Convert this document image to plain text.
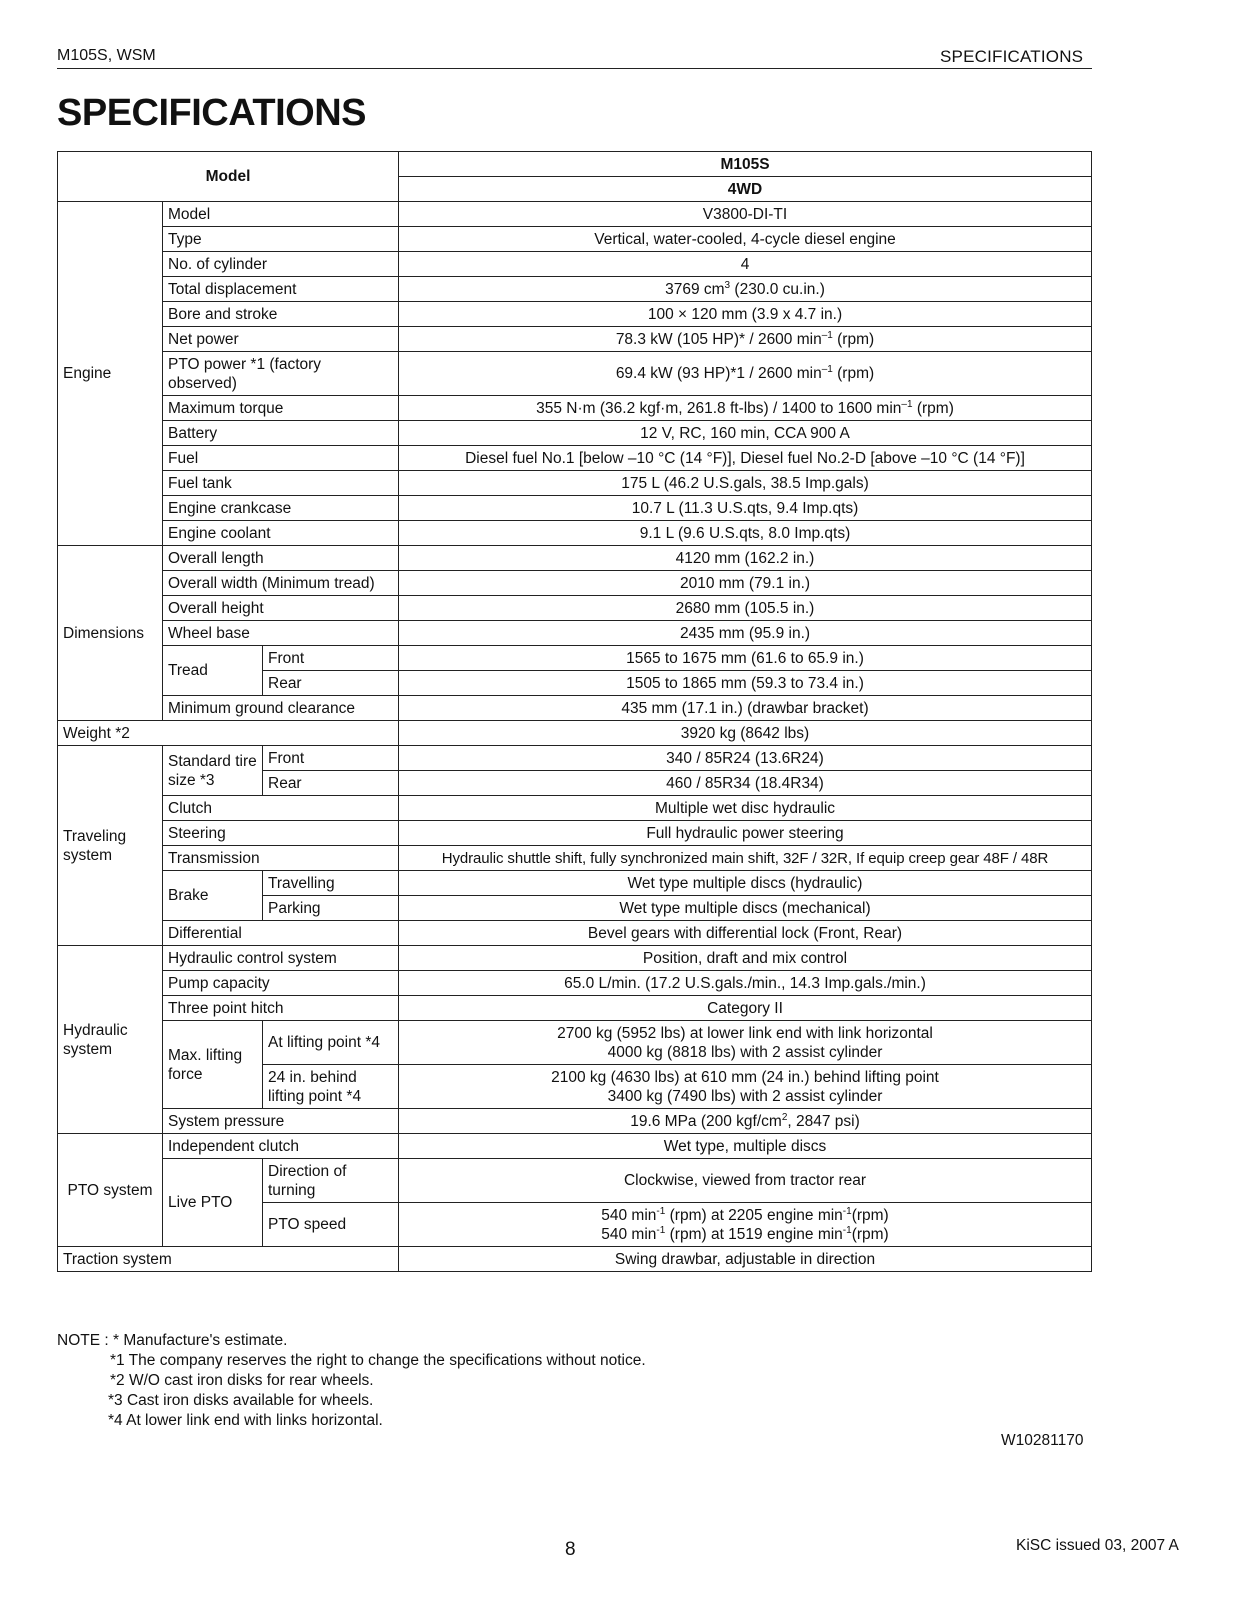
M105S, WSM	SPECIFICATIONS
SPECIFICATIONS
Model			M105S
			4WD
Engine	Model		V3800-DI-TI
	Type		Vertical, water-cooled, 4-cycle diesel engine
	No. of cylinder		4
	Total displacement		3769 $cm^3$ (230.0 cu.in.)
	Bore and stroke		100 × 120 mm (3.9 x 4.7 in.)
	Net power		78.3 kW (105 HP)* / 2600 $\min^{-1} (rpm)$
	PTO power *1 (factory observed)		69.4 kW (93 HP)*1 / 2600 $\min^{-1} (rpm)$
	Maximum torque		355 N·m (36.2 kgf·m, 261.8 ft-lbs) / 1400 to 1600 $\min^{-1} (rpm)$
	Battery		12 V, RC, 160 min, CCA 900 A
	Fuel		Diesel fuel No.1 [below –10 °C (14 °F)], Diesel fuel No.2-D [above –10 °C (14 °F)]
	Fuel tank		175 L (46.2 U.S.gals, 38.5 Imp.gals)
	Engine crankcase		10.7 L (11.3 U.S.qts, 9.4 Imp.qts)
	Engine coolant		9.1 L (9.6 U.S.qts, 8.0 Imp.qts)
Dimensions	Overall length		4120 mm (162.2 in.)
	Overall width (Minimum tread)		2010 mm (79.1 in.)
	Overall height		2680 mm (105.5 in.)
	Wheel base		2435 mm (95.9 in.)
	Tread	Front	1565 to 1675 mm (61.6 to 65.9 in.)
		Rear	1505 to 1865 mm (59.3 to 73.4 in.)
	Minimum ground clearance		435 mm (17.1 in.) (drawbar bracket)
Weight *2			3920 kg (8642 lbs)
Traveling system	Standard tire size *3	Front	340 / 85R24 (13.6R24)
		Rear	460 / 85R34 (18.4R34)
	Clutch		Multiple wet disc hydraulic
	Steering		Full hydraulic power steering
	Transmission		Hydraulic shuttle shift, fully synchronized main shift, 32F / 32R, If equip creep gear 48F / 48R
	Brake	Travelling	Wet type multiple discs (hydraulic)
		Parking	Wet type multiple discs (mechanical)
	Differential		Bevel gears with differential lock (Front, Rear)
Hydraulic system	Hydraulic control system		Position, draft and mix control
	Pump capacity		65.0 L/min. (17.2 U.S.gals./min., 14.3 Imp.gals./min.)
	Three point hitch		Category II
	Max. lifting force	At lifting point *4	2700 kg (5952 lbs) at lower link end with link horizontal
4000 kg (8818 lbs) with 2 assist cylinder

		24 in. behind lifting point *4	2100 kg (4630 lbs) at 610 mm (24 in.) behind lifting point
3400 kg (7490 lbs) with 2 assist cylinder

	System pressure		19.6 MPa (200 kgf/$cm^2$, 2847 psi)
PTO system	Independent clutch		Wet type, multiple discs
	Live PTO	Direction of turning	Clockwise, viewed from tractor rear
		PTO speed	540 $\min^{-1} (rpm)$ at 2205 engine $\min^{-1}(rpm)$
540 $\min^{-1} (rpm)$ at 1519 engine $\min^{-1}(rpm)$

Traction system			Swing drawbar, adjustable in direction
NOTE : * Manufacture's estimate.
*1 The company reserves the right to change the specifications without notice.
*2 W/O cast iron disks for rear wheels.
*3 Cast iron disks available for wheels.
*4 At lower link end with links horizontal.
W10281170
8	KiSC issued 03, 2007 A
